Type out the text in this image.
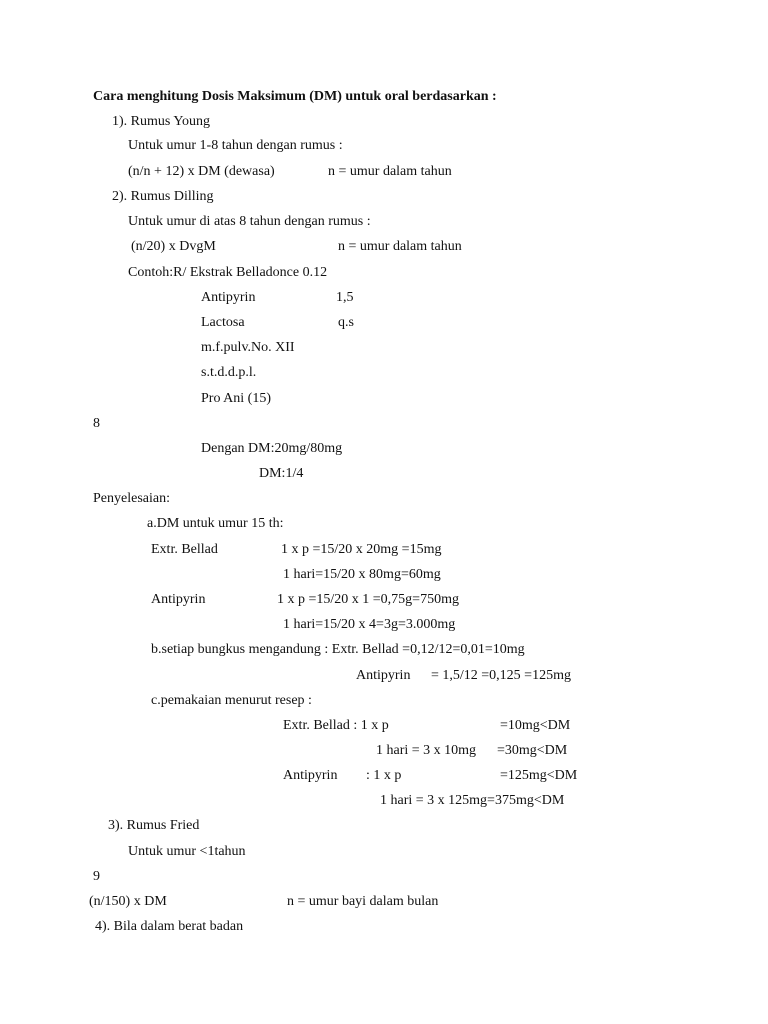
Cara menghitung Dosis Maksimum (DM) untuk oral berdasarkan :
1). Rumus Young
Untuk umur 1-8 tahun dengan rumus :
(n/n + 12) x DM (dewasa)	n = umur dalam tahun
2). Rumus Dilling
Untuk umur di atas 8 tahun dengan rumus :
(n/20) x DvgM	n = umur dalam tahun
Contoh:R/ Ekstrak Belladonce 0.12
Antipyrin	1,5
Lactosa	q.s
m.f.pulv.No. XII
s.t.d.d.p.l.
Pro Ani (15)
8
Dengan DM:20mg/80mg
DM:1/4
Penyelesaian:
a.DM untuk umur 15 th:
Extr. Bellad	1 x p =15/20 x 20mg =15mg
1 hari=15/20 x 80mg=60mg
Antipyrin	1 x p =15/20 x 1 =0,75g=750mg
1 hari=15/20 x 4=3g=3.000mg
b.setiap bungkus mengandung : Extr. Bellad =0,12/12=0,01=10mg
Antipyrin = 1,5/12 =0,125 =125mg
c.pemakaian menurut resep :
Extr. Bellad : 1 x p	=10mg<DM
1 hari = 3 x 10mg =30mg<DM
Antipyrin : 1 x p	=125mg<DM
1 hari = 3 x 125mg=375mg<DM
3). Rumus Fried
Untuk umur <1tahun
9
(n/150) x DM	n = umur bayi dalam bulan
4). Bila dalam berat badan
